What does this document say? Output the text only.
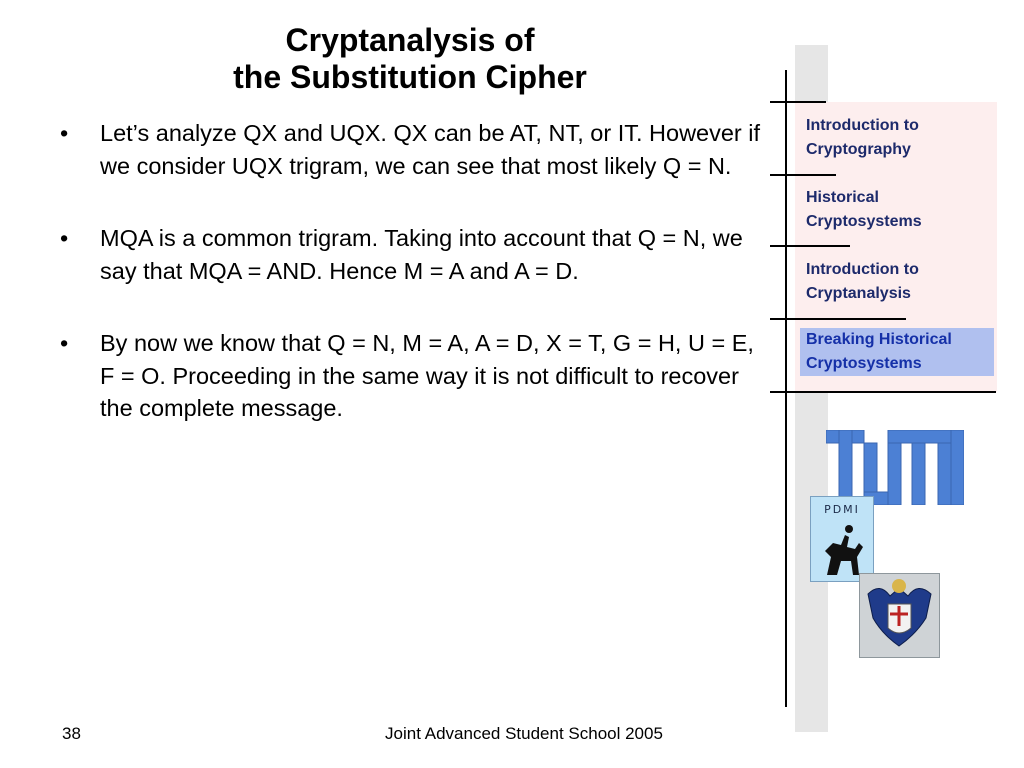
Cryptanalysis of
the Substitution Cipher
• Let’s analyze QX and UQX. QX can be AT, NT, or IT. However if we consider UQX trigram, we can see that most likely Q = N.
• MQA is a common trigram. Taking into account that Q = N, we say that MQA = AND. Hence M = A and A = D.
• By now we know that Q = N, M = A, A = D, X = T, G = H, U = E, F = O. Proceeding in the same way it is not difficult to recover the complete message.
Introduction to
Cryptography
Historical
Cryptosystems
Introduction to
Cryptanalysis
Breaking Historical
Cryptosystems
PDMI
38	Joint Advanced Student School 2005
